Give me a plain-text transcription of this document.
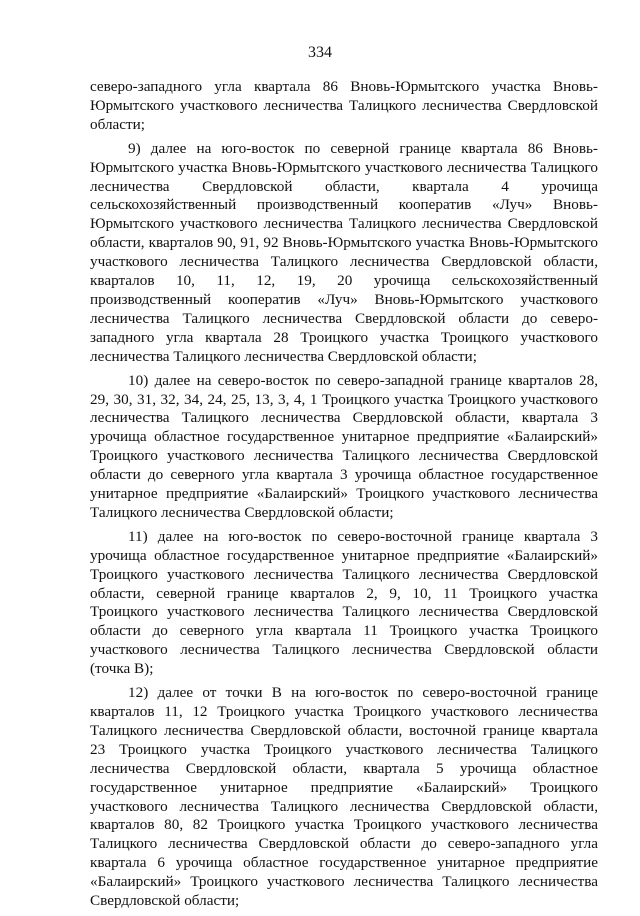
334

северо-западного угла квартала 86 Вновь-Юрмытского участка Вновь-Юрмытского участкового лесничества Талицкого лесничества Свердловской области;

9) далее на юго-восток по северной границе квартала 86 Вновь-Юрмытского участка Вновь-Юрмытского участкового лесничества Талицкого лесничества Свердловской области, квартала 4 урочища сельскохозяйственный производственный кооператив «Луч» Вновь-Юрмытского участкового лесничества Талицкого лесничества Свердловской области, кварталов 90, 91, 92 Вновь-Юрмытского участка Вновь-Юрмытского участкового лесничества Талицкого лесничества Свердловской области, кварталов 10, 11, 12, 19, 20 урочища сельскохозяйственный производственный кооператив «Луч» Вновь-Юрмытского участкового лесничества Талицкого лесничества Свердловской области до северо-западного угла квартала 28 Троицкого участка Троицкого участкового лесничества Талицкого лесничества Свердловской области;

10) далее на северо-восток по северо-западной границе кварталов 28, 29, 30, 31, 32, 34, 24, 25, 13, 3, 4, 1 Троицкого участка Троицкого участкового лесничества Талицкого лесничества Свердловской области, квартала 3 урочища областное государственное унитарное предприятие «Балаирский» Троицкого участкового лесничества Талицкого лесничества Свердловской области до северного угла квартала 3 урочища областное государственное унитарное предприятие «Балаирский» Троицкого участкового лесничества Талицкого лесничества Свердловской области;

11) далее на юго-восток по северо-восточной границе квартала 3 урочища областное государственное унитарное предприятие «Балаирский» Троицкого участкового лесничества Талицкого лесничества Свердловской области, северной границе кварталов 2, 9, 10, 11 Троицкого участка Троицкого участкового лесничества Талицкого лесничества Свердловской области до северного угла квартала 11 Троицкого участка Троицкого участкового лесничества Талицкого лесничества Свердловской области (точка В);

12) далее от точки В на юго-восток по северо-восточной границе кварталов 11, 12 Троицкого участка Троицкого участкового лесничества Талицкого лесничества Свердловской области, восточной границе квартала 23 Троицкого участка Троицкого участкового лесничества Талицкого лесничества Свердловской области, квартала 5 урочища областное государственное унитарное предприятие «Балаирский» Троицкого участкового лесничества Талицкого лесничества Свердловской области, кварталов 80, 82 Троицкого участка Троицкого участкового лесничества Талицкого лесничества Свердловской области до северо-западного угла квартала 6 урочища областное государственное унитарное предприятие «Балаирский» Троицкого участкового лесничества Талицкого лесничества Свердловской области;
